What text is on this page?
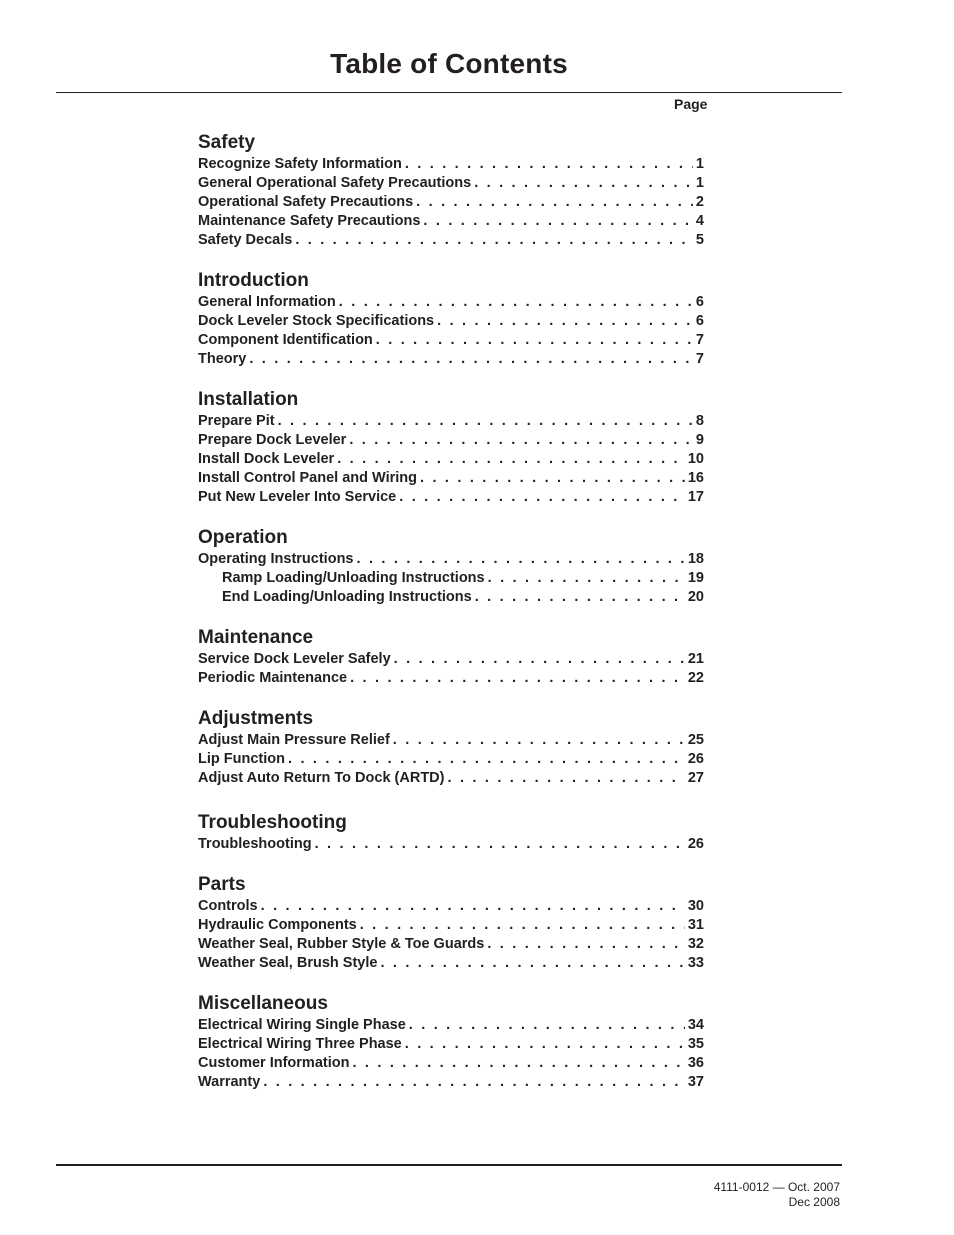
Table of Contents
Page
Safety
Recognize Safety Information . . .	1
General Operational Safety Precautions . . .	1
Operational Safety Precautions . . .	2
Maintenance Safety Precautions . . .	4
Safety Decals . . .	5
Introduction
General Information . . .	6
Dock Leveler Stock Specifications . . .	6
Component Identification . . .	7
Theory . . .	7
Installation
Prepare Pit . . .	8
Prepare Dock Leveler . . .	9
Install Dock Leveler . . .	10
Install Control Panel and Wiring . . .	16
Put New Leveler Into Service . . .	17
Operation
Operating Instructions . . .	18
Ramp Loading/Unloading Instructions . . .	19
End Loading/Unloading Instructions . . .	20
Maintenance
Service Dock Leveler Safely . . .	21
Periodic Maintenance . . .	22
Adjustments
Adjust Main Pressure Relief . . .	25
Lip Function . . .	26
Adjust Auto Return To Dock (ARTD) . . .	27
Troubleshooting
Troubleshooting . . .	26
Parts
Controls . . .	30
Hydraulic Components . . .	31
Weather Seal, Rubber Style & Toe Guards . . .	32
Weather Seal, Brush Style . . .	33
Miscellaneous
Electrical Wiring Single Phase . . .	34
Electrical Wiring Three Phase . . .	35
Customer Information . . .	36
Warranty . . .	37
4111-0012 — Oct. 2007
Dec 2008
